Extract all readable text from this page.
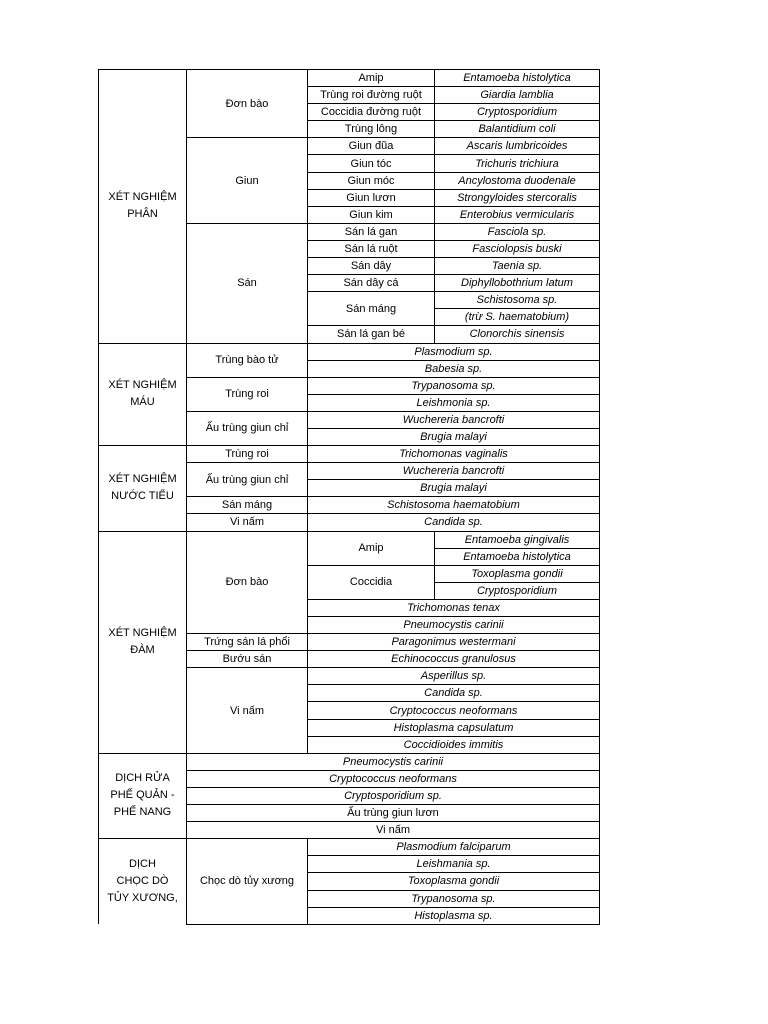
XÉT NGHIỆM
PHÂN	Đơn bào	Amip	Entamoeba histolytica
		Trùng roi đường ruột	Giardia lamblia
		Coccidia đường ruột	Cryptosporidium
		Trùng lông	Balantidium coli
	Giun	Giun đũa	Ascaris lumbricoides
		Giun tóc	Trichuris trichiura
		Giun móc	Ancylostoma duodenale
		Giun lươn	Strongyloides stercoralis
		Giun kim	Enterobius vermicularis
	Sán	Sán lá gan	Fasciola sp.
		Sán lá ruột	Fasciolopsis buski
		Sán dây	Taenia sp.
		Sán dây cá	Diphyllobothrium latum
		Sán máng	Schistosoma sp.
			(trừ S. haematobium)
		Sán lá gan bé	Clonorchis sinensis

XÉT NGHIỆM
MÁU	Trùng bào tử	Plasmodium sp.	
		Babesia sp.	
	Trùng roi	Trypanosoma sp.	
		Leishmonia sp.	
	Ấu trùng giun chỉ	Wuchereria bancrofti	
		Brugia malayi	

XÉT NGHIỆM
NƯỚC TIỂU	Trùng roi	Trichomonas vaginalis	
	Ấu trùng giun chỉ	Wuchereria bancrofti	
		Brugia malayi	
	Sán máng	Schistosoma haematobium	
	Vi nấm	Candida sp.	

XÉT NGHIỆM
ĐÀM	Đơn bào	Amip	Entamoeba gingivalis
			Entamoeba histolytica
		Coccidia	Toxoplasma gondii
			Cryptosporidium
		Trichomonas tenax	
		Pneumocystis carinii	
	Trứng sán lá phổi	Paragonimus westermani	
	Bướu sán	Echinococcus granulosus	
	Vi nấm	Asperillus sp.	
		Candida sp.	
		Cryptococcus neoformans	
		Histoplasma capsulatum	
		Coccidioides immitis	

DỊCH RỬA
PHẾ QUẢN -
PHẾ NANG	Pneumocystis carinii		
	Cryptococcus neoformans		
	Cryptosporidium sp.		
	Ấu trùng giun lươn		
	Vi nấm		

DỊCH
CHỌC DÒ
TỦY XƯƠNG,	Chọc dò tủy xương	Plasmodium falciparum	
		Leishmania sp.	
		Toxoplasma gondii	
		Trypanosoma sp.	
		Histoplasma sp.	
